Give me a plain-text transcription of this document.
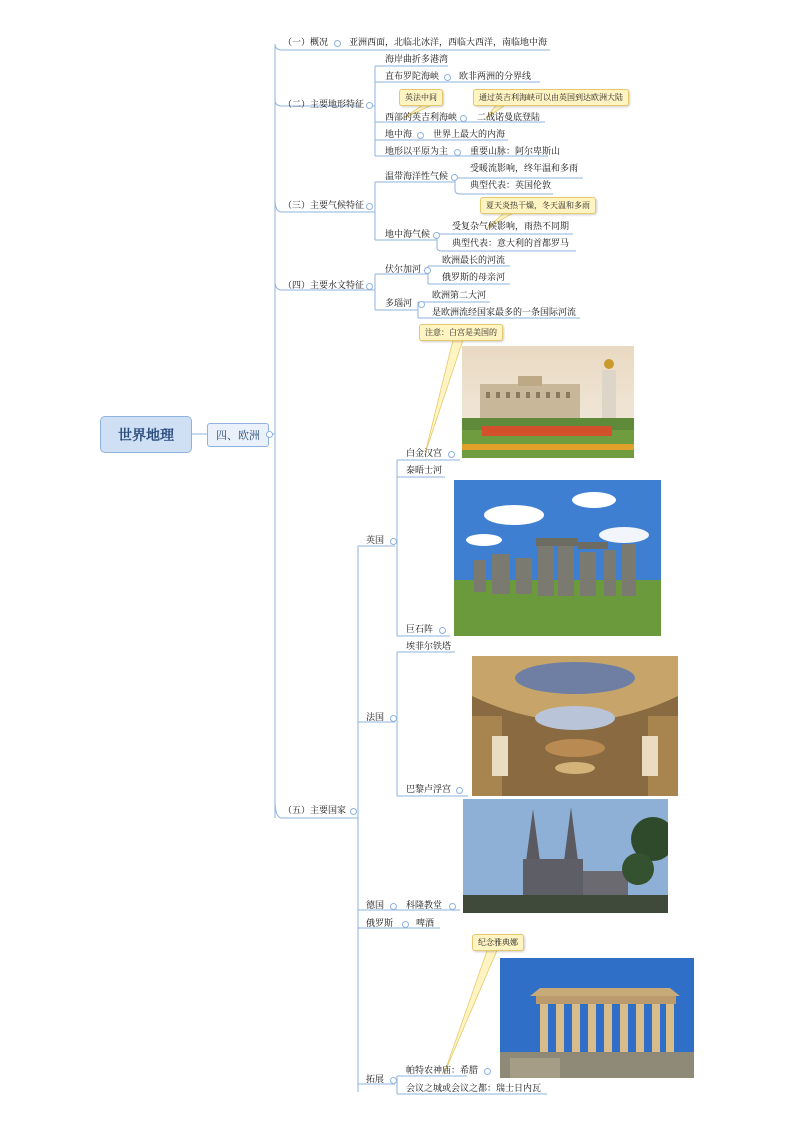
世界地理	四、欧洲
（一）概况 亚洲西面，北临北冰洋，西临大西洋，南临地中海
（二）主要地形特征
海岸曲折多港湾
直布罗陀海峡 欧非两洲的分界线
西部的英吉利海峡 二战诺曼底登陆
地中海 世界上最大的内海
地形以平原为主 重要山脉：阿尔卑斯山
英法中间	通过英吉利海峡可以由英国到达欧洲大陆
（三）主要气候特征
温带海洋性气候
受暖流影响，终年温和多雨
典型代表：英国伦敦
地中海气候
受复杂气候影响，雨热不同期
典型代表：意大利的首都罗马
夏天炎热干燥，冬天温和多雨
（四）主要水文特征
伏尔加河
欧洲最长的河流
俄罗斯的母亲河
多瑙河
欧洲第二大河
是欧洲流经国家最多的一条国际河流
（五）主要国家
英国
注意：白宫是美国的
白金汉宫
泰晤士河
巨石阵
法国
埃菲尔铁塔
巴黎卢浮宫
德国 科隆教堂
俄罗斯	啤酒
拓展
纪念雅典娜
帕特农神庙：希腊
会议之城或会议之都：瑞士日内瓦
